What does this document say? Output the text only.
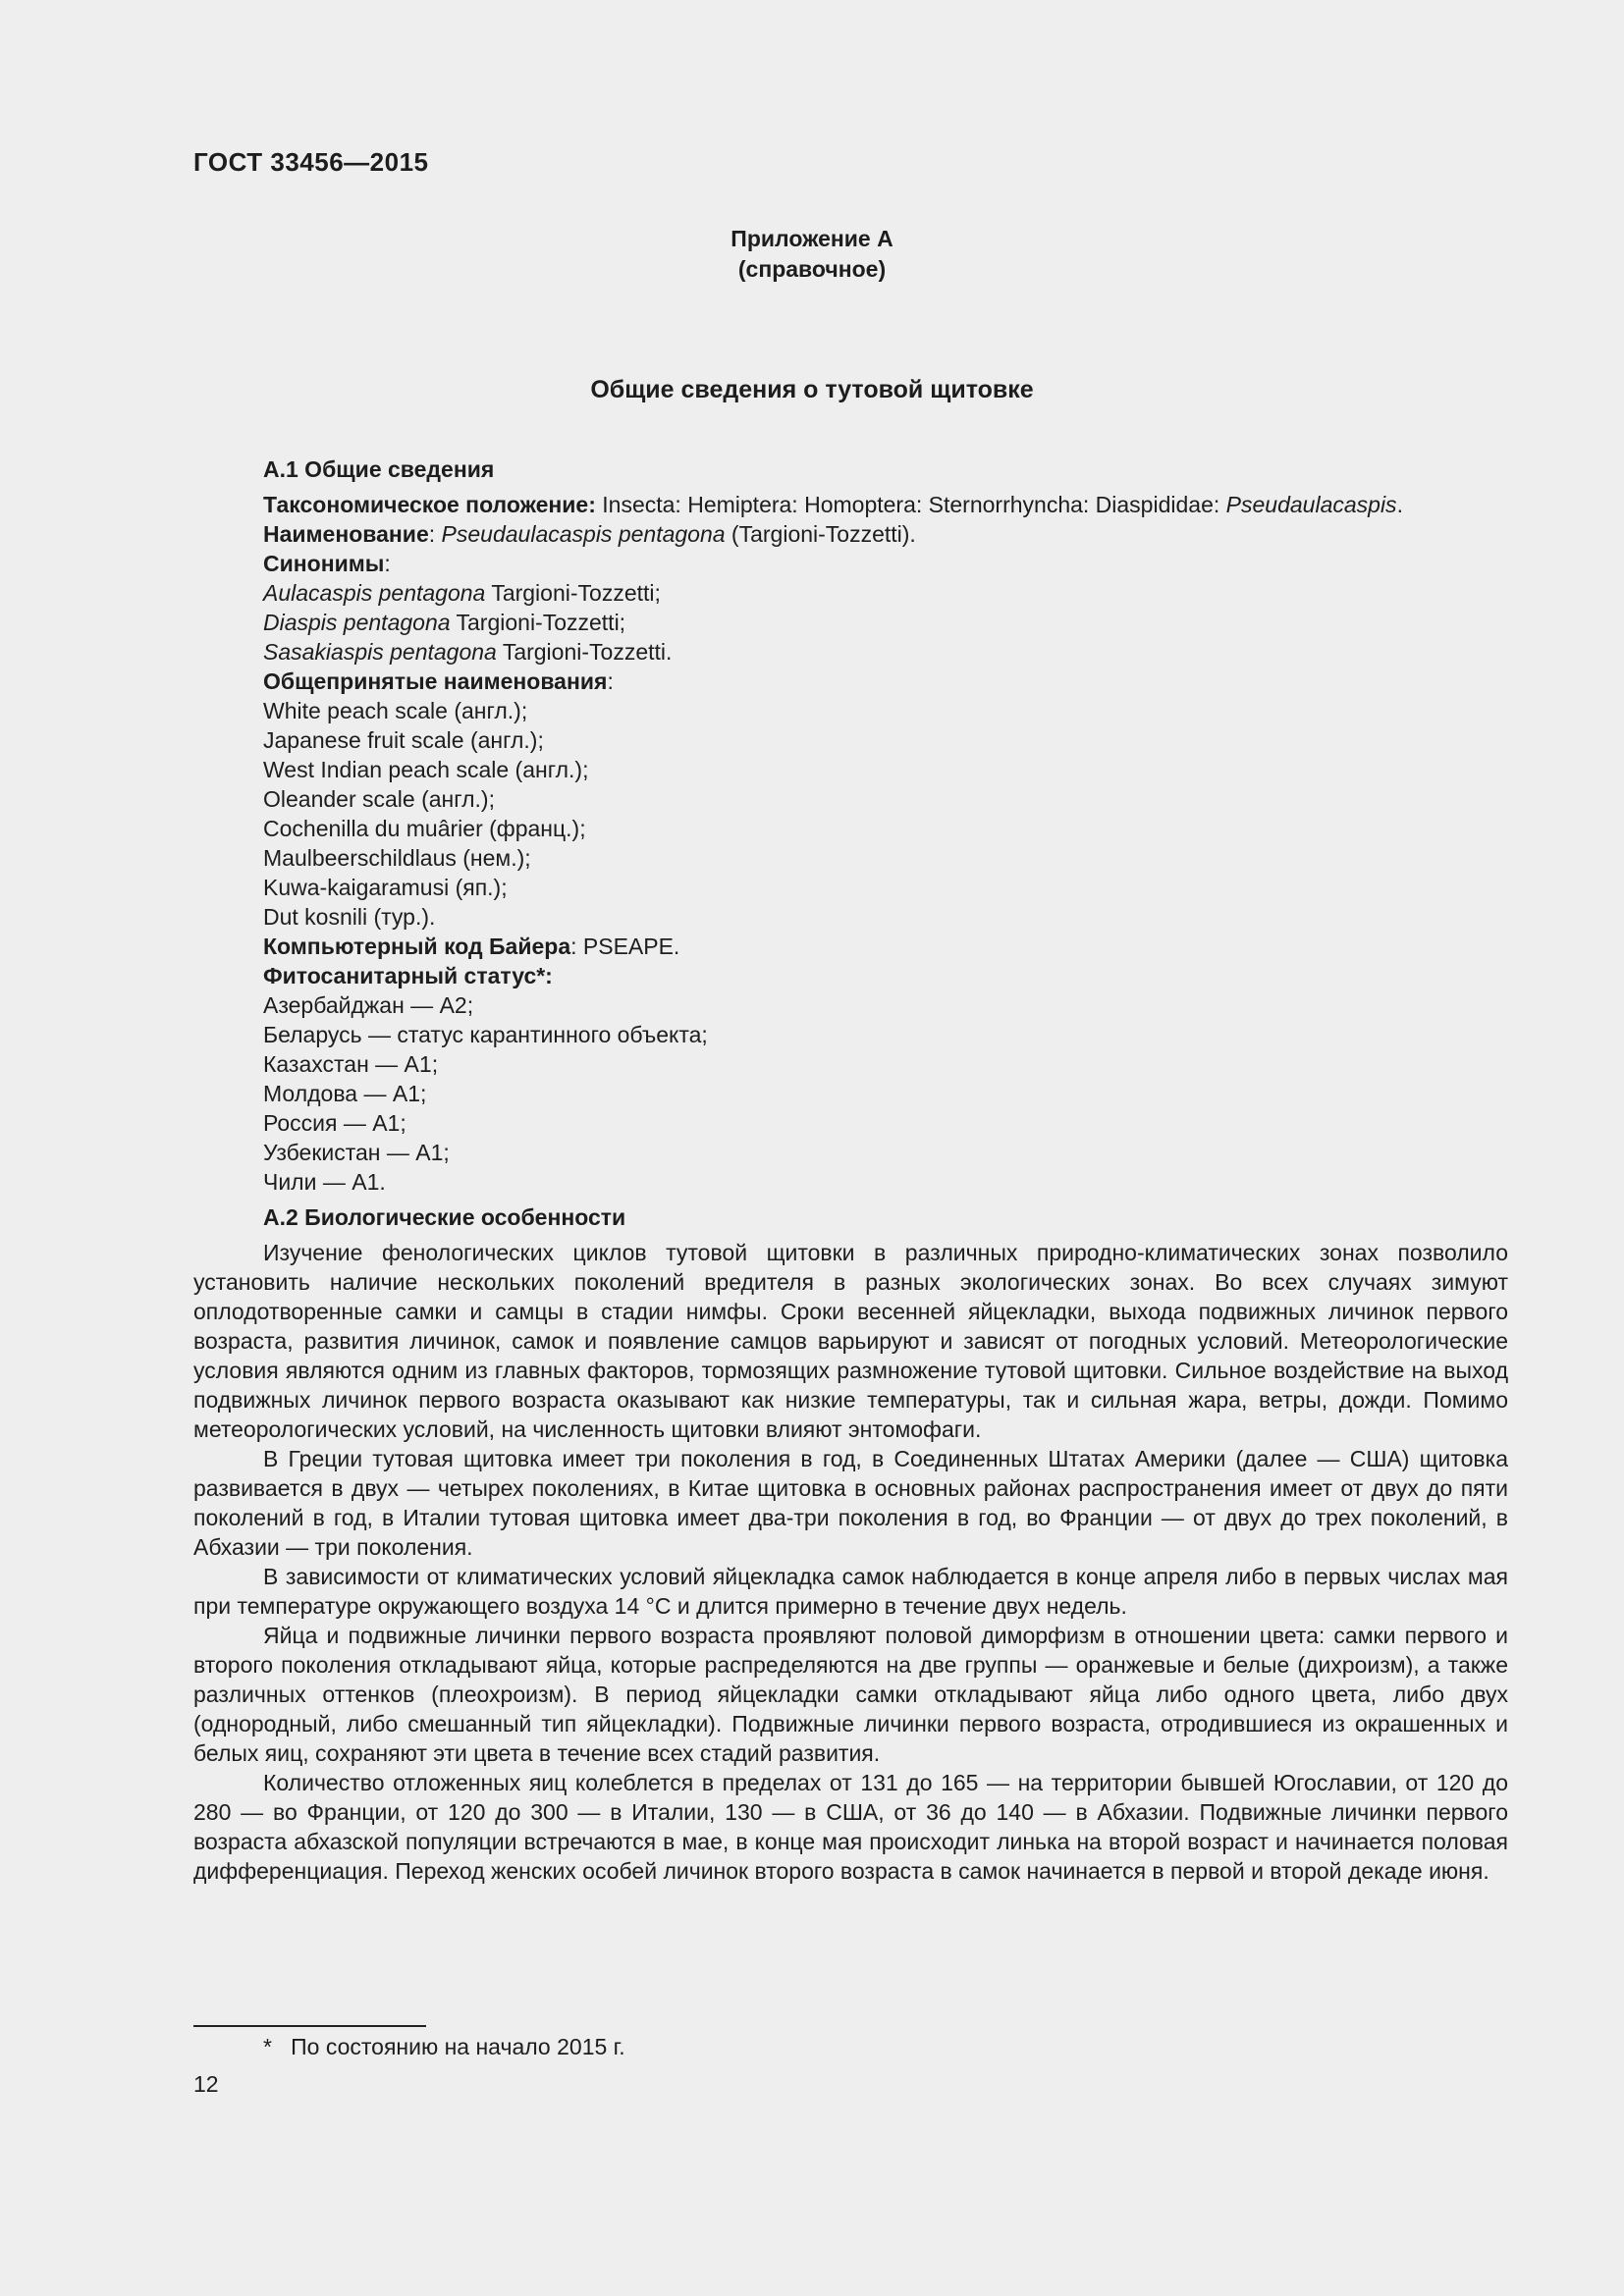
ГОСТ 33456—2015
Приложение А
(справочное)
Общие сведения о тутовой щитовке
А.1 Общие сведения
Таксономическое положение: Insecta: Hemiptera: Homoptera: Sternorrhyncha: Diaspididae: Pseudaulacaspis.
Наименование: Pseudaulacaspis pentagona (Targioni-Tozzetti).
Синонимы:
Aulacaspis pentagona Targioni-Tozzetti;
Diaspis pentagona Targioni-Tozzetti;
Sasakiaspis pentagona Targioni-Tozzetti.
Общепринятые наименования:
White peach scale (англ.);
Japanese fruit scale (англ.);
West Indian peach scale (англ.);
Oleander scale (англ.);
Cochenilla du muârier (франц.);
Maulbeerschildlaus (нем.);
Kuwa-kaigaramusi (яп.);
Dut kosnili (тур.).
Компьютерный код Байера: PSEAPE.
Фитосанитарный статус*:
Азербайджан — А2;
Беларусь — статус карантинного объекта;
Казахстан — А1;
Молдова — А1;
Россия — А1;
Узбекистан — А1;
Чили — А1.
А.2 Биологические особенности

Изучение фенологических циклов тутовой щитовки в различных природно-климатических зонах позволило установить наличие нескольких поколений вредителя в разных экологических зонах. Во всех случаях зимуют оплодотворенные самки и самцы в стадии нимфы. Сроки весенней яйцекладки, выхода подвижных личинок первого возраста, развития личинок, самок и появление самцов варьируют и зависят от погодных условий. Метеорологические условия являются одним из главных факторов, тормозящих размножение тутовой щитовки. Сильное воздействие на выход подвижных личинок первого возраста оказывают как низкие температуры, так и сильная жара, ветры, дожди. Помимо метеорологических условий, на численность щитовки влияют энтомофаги.

В Греции тутовая щитовка имеет три поколения в год, в Соединенных Штатах Америки (далее — США) щитовка развивается в двух — четырех поколениях, в Китае щитовка в основных районах распространения имеет от двух до пяти поколений в год, в Италии тутовая щитовка имеет два-три поколения в год, во Франции — от двух до трех поколений, в Абхазии — три поколения.

В зависимости от климатических условий яйцекладка самок наблюдается в конце апреля либо в первых числах мая при температуре окружающего воздуха 14 °С и длится примерно в течение двух недель.

Яйца и подвижные личинки первого возраста проявляют половой диморфизм в отношении цвета: самки первого и второго поколения откладывают яйца, которые распределяются на две группы — оранжевые и белые (дихроизм), а также различных оттенков (плеохроизм). В период яйцекладки самки откладывают яйца либо одного цвета, либо двух (однородный, либо смешанный тип яйцекладки). Подвижные личинки первого возраста, отродившиеся из окрашенных и белых яиц, сохраняют эти цвета в течение всех стадий развития.

Количество отложенных яиц колеблется в пределах от 131 до 165 — на территории бывшей Югославии, от 120 до 280 — во Франции, от 120 до 300 — в Италии, 130 — в США, от 36 до 140 — в Абхазии. Подвижные личинки первого возраста абхазской популяции встречаются в мае, в конце мая происходит линька на второй возраст и начинается половая дифференциация. Переход женских особей личинок второго возраста в самок начинается в первой и второй декаде июня.

* По состоянию на начало 2015 г.
12
